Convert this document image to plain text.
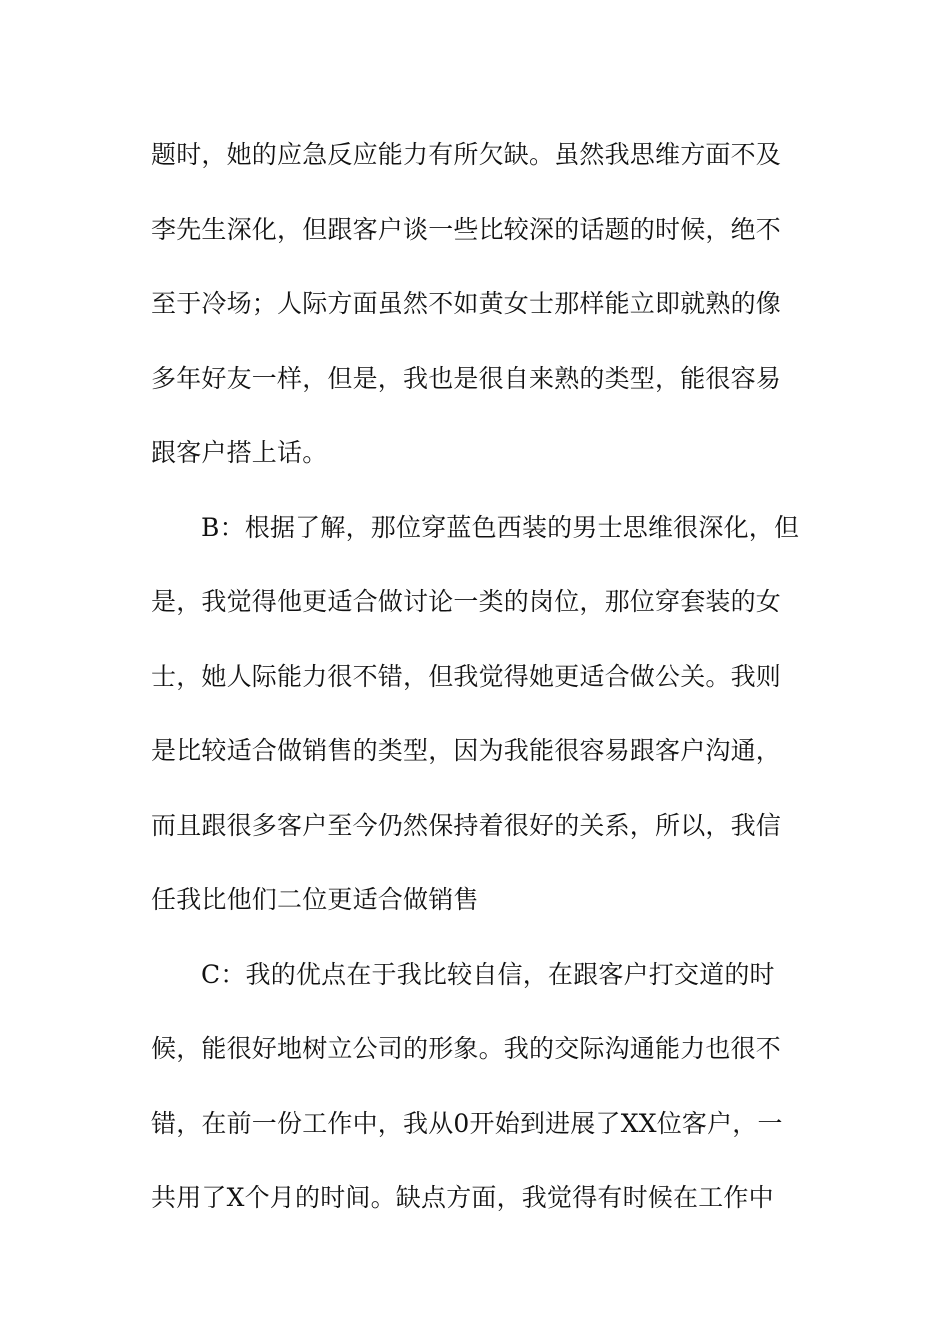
题时，她的应急反应能力有所欠缺。虽然我思维方面不及
李先生深化，但跟客户谈一些比较深的话题的时候，绝不
至于冷场；人际方面虽然不如黄女士那样能立即就熟的像
多年好友一样，但是，我也是很自来熟的类型，能很容易
跟客户搭上话。
B：根据了解，那位穿蓝色西装的男士思维很深化，但
是，我觉得他更适合做讨论一类的岗位，那位穿套装的女
士，她人际能力很不错，但我觉得她更适合做公关。我则
是比较适合做销售的类型，因为我能很容易跟客户沟通，
而且跟很多客户至今仍然保持着很好的关系，所以，我信
任我比他们二位更适合做销售
C：我的优点在于我比较自信，在跟客户打交道的时
候，能很好地树立公司的形象。我的交际沟通能力也很不
错，在前一份工作中，我从0开始到进展了XX位客户，一
共用了X个月的时间。缺点方面，我觉得有时候在工作中
